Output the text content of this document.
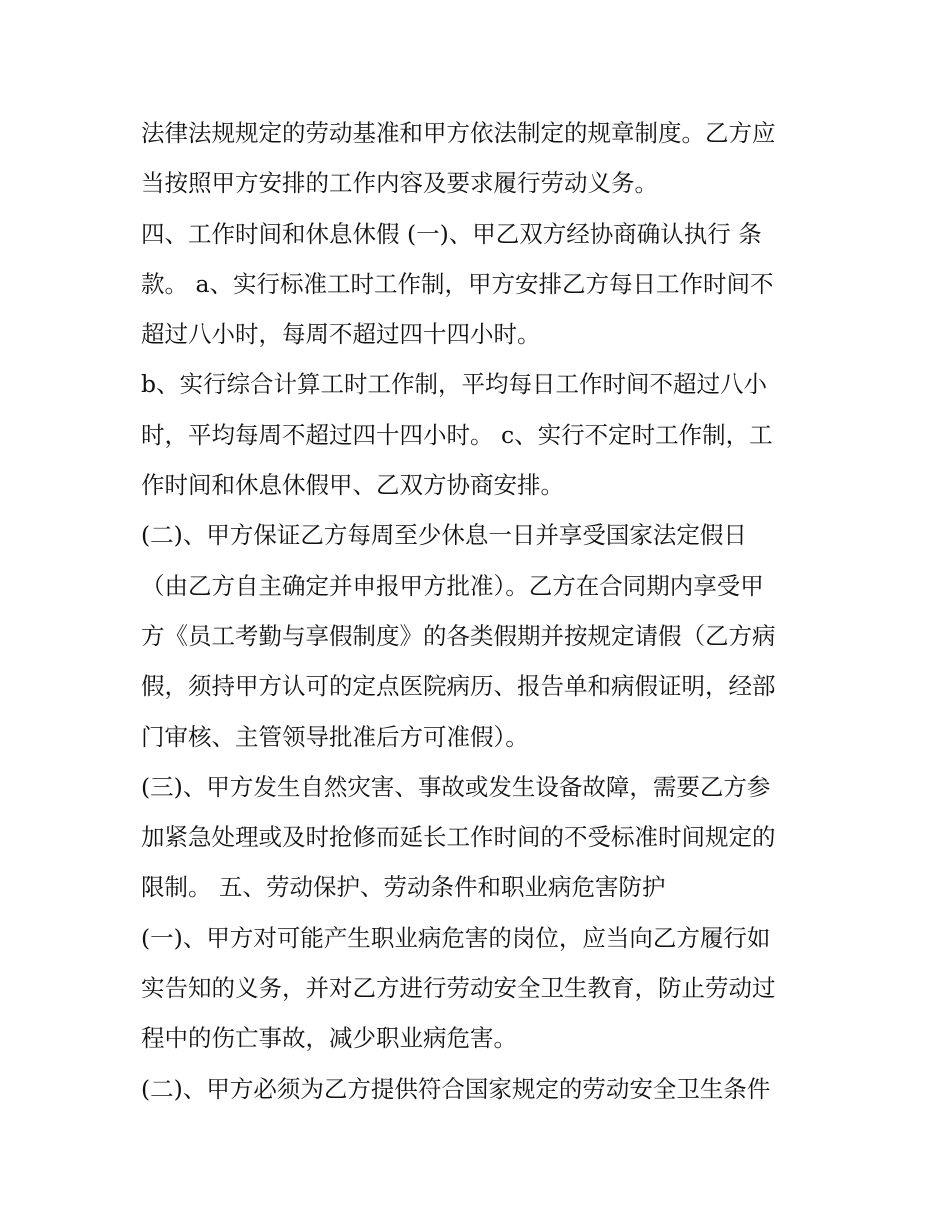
法律法规规定的劳动基准和甲方依法制定的规章制度。乙方应
当按照甲方安排的工作内容及要求履行劳动义务。
四、工作时间和休息休假 (一)、甲乙双方经协商确认执行 条
款。 a、实行标准工时工作制，甲方安排乙方每日工作时间不
超过八小时，每周不超过四十四小时。
b、实行综合计算工时工作制，平均每日工作时间不超过八小
时，平均每周不超过四十四小时。 c、实行不定时工作制，工
作时间和休息休假甲、乙双方协商安排。
(二)、甲方保证乙方每周至少休息一日并享受国家法定假日
（由乙方自主确定并申报甲方批准）。乙方在合同期内享受甲
方《员工考勤与享假制度》的各类假期并按规定请假（乙方病
假，须持甲方认可的定点医院病历、报告单和病假证明，经部
门审核、主管领导批准后方可准假）。
(三)、甲方发生自然灾害、事故或发生设备故障，需要乙方参
加紧急处理或及时抢修而延长工作时间的不受标准时间规定的
限制。 五、劳动保护、劳动条件和职业病危害防护
(一)、甲方对可能产生职业病危害的岗位，应当向乙方履行如
实告知的义务，并对乙方进行劳动安全卫生教育，防止劳动过
程中的伤亡事故，减少职业病危害。
(二)、甲方必须为乙方提供符合国家规定的劳动安全卫生条件
